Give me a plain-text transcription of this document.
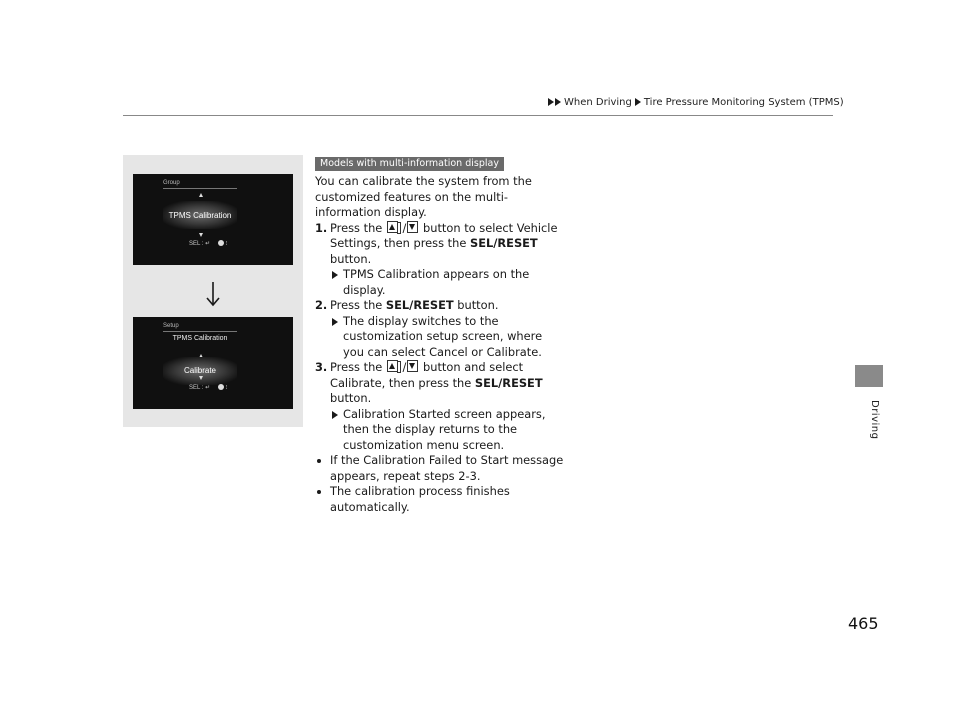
When Driving Tire Pressure Monitoring System (TPMS)
Driving
465
Group
TPMS Calibration
SEL : ↵	⁝
Setup
TPMS Calibration
Calibrate
SEL : ↵	⁝
Models with multi-information display

You can calibrate the system from the customized features on the multi-information display.

1. Press the  / button to select Vehicle Settings, then press the SEL/RESET button.
TPMS Calibration appears on the display.
2. Press the SEL/RESET button.
The display switches to the customization setup screen, where you can select Cancel or Calibrate.
3. Press the  / button and select Calibrate, then press the SEL/RESET button.
Calibration Started screen appears, then the display returns to the customization menu screen.
If the Calibration Failed to Start message appears, repeat steps 2-3.
The calibration process finishes automatically.
